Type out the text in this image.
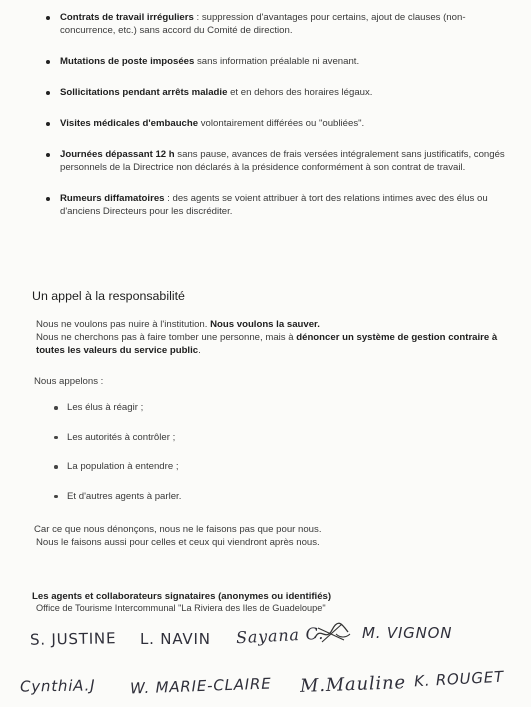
Contrats de travail irréguliers : suppression d'avantages pour certains, ajout de clauses (non-concurrence, etc.) sans accord du Comité de direction.
Mutations de poste imposées sans information préalable ni avenant.
Sollicitations pendant arrêts maladie et en dehors des horaires légaux.
Visites médicales d'embauche volontairement différées ou "oubliées".
Journées dépassant 12 h sans pause, avances de frais versées intégralement sans justificatifs, congés personnels de la Directrice non déclarés à la présidence conformément à son contrat de travail.
Rumeurs diffamatoires : des agents se voient attribuer à tort des relations intimes avec des élus ou d'anciens Directeurs pour les discréditer.
Un appel à la responsabilité
Nous ne voulons pas nuire à l'institution. Nous voulons la sauver.
Nous ne cherchons pas à faire tomber une personne, mais à dénoncer un système de gestion contraire à toutes les valeurs du service public.
Nous appelons :
Les élus à réagir ;
Les autorités à contrôler ;
La population à entendre ;
Et d'autres agents à parler.
Car ce que nous dénonçons, nous ne le faisons pas que pour nous.
Nous le faisons aussi pour celles et ceux qui viendront après nous.
Les agents et collaborateurs signataires (anonymes ou identifiés)
Office de Tourisme Intercommunal "La Riviera des Iles de Guadeloupe"
S. JUSTINE L. NAVIN Sayana C.	M. VIGNON
CynthiA.J W. MARIE-CLAIRE M.Mauline K. ROUGET
